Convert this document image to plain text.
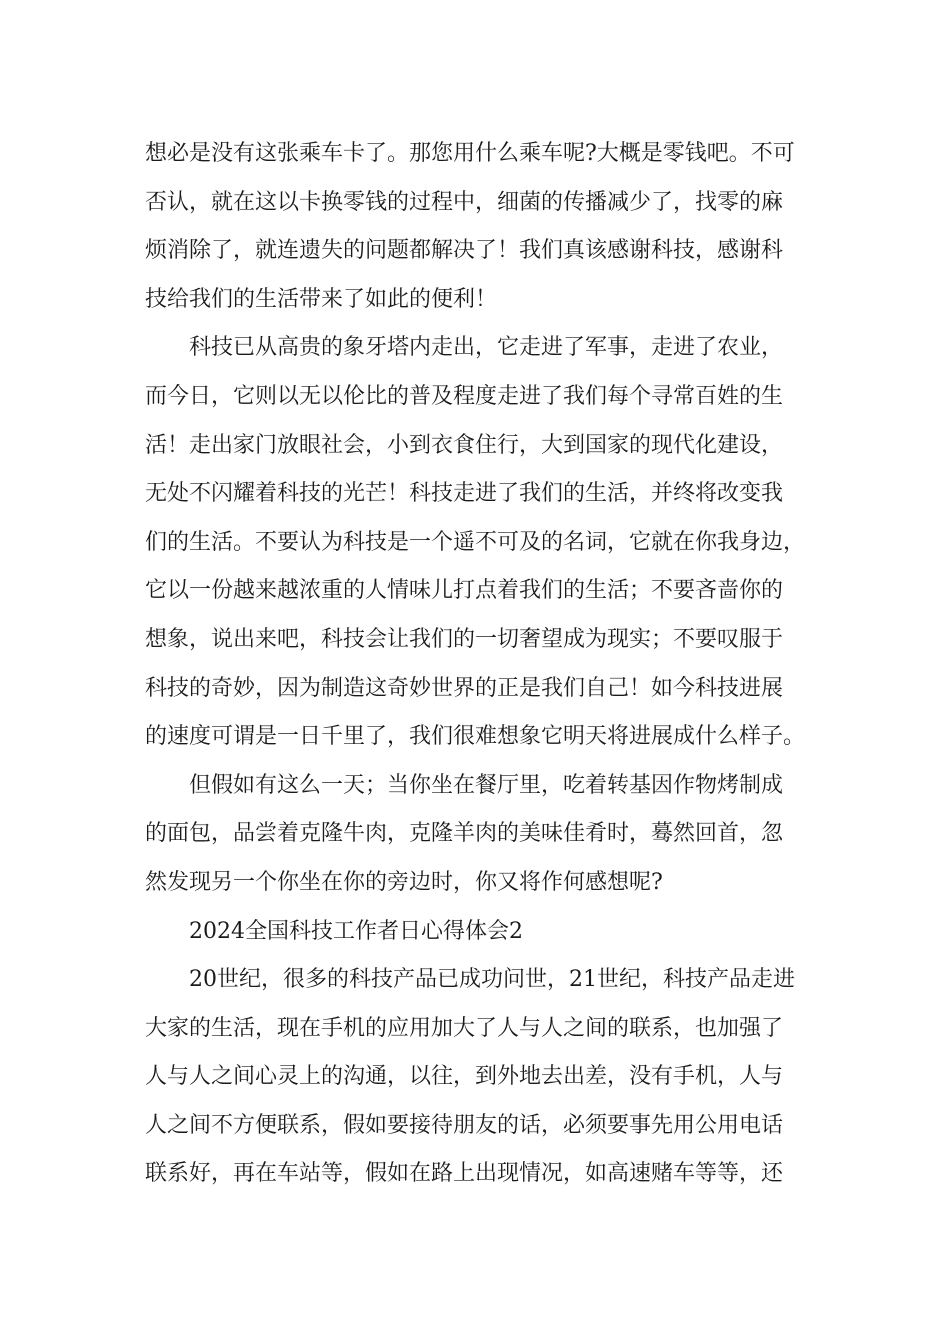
想必是没有这张乘车卡了。那您用什么乘车呢?大概是零钱吧。不可
否认，就在这以卡换零钱的过程中，细菌的传播减少了，找零的麻
烦消除了，就连遗失的问题都解决了！我们真该感谢科技，感谢科
技给我们的生活带来了如此的便利！
科技已从高贵的象牙塔内走出，它走进了军事，走进了农业，
而今日，它则以无以伦比的普及程度走进了我们每个寻常百姓的生
活！走出家门放眼社会，小到衣食住行，大到国家的现代化建设，
无处不闪耀着科技的光芒！科技走进了我们的生活，并终将改变我
们的生活。不要认为科技是一个遥不可及的名词，它就在你我身边，
它以一份越来越浓重的人情味儿打点着我们的生活；不要吝啬你的
想象，说出来吧，科技会让我们的一切奢望成为现实；不要叹服于
科技的奇妙，因为制造这奇妙世界的正是我们自己！如今科技进展
的速度可谓是一日千里了，我们很难想象它明天将进展成什么样子。
但假如有这么一天；当你坐在餐厅里，吃着转基因作物烤制成
的面包，品尝着克隆牛肉，克隆羊肉的美味佳肴时，蓦然回首，忽
然发现另一个你坐在你的旁边时，你又将作何感想呢?
2024全国科技工作者日心得体会2
20世纪，很多的科技产品已成功问世，21世纪，科技产品走进
大家的生活，现在手机的应用加大了人与人之间的联系，也加强了
人与人之间心灵上的沟通，以往，到外地去出差，没有手机，人与
人之间不方便联系，假如要接待朋友的话，必须要事先用公用电话
联系好，再在车站等，假如在路上出现情况，如高速赌车等等，还
